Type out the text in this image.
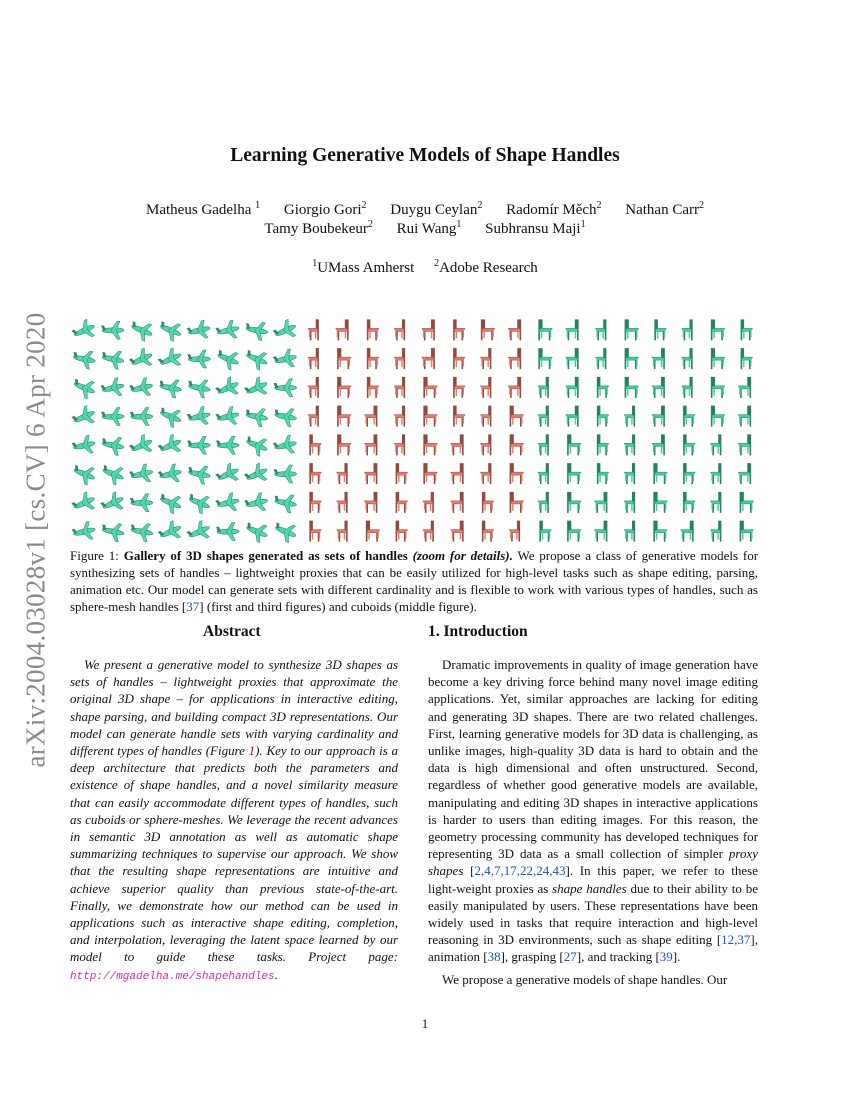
arXiv:2004.03028v1 [cs.CV] 6 Apr 2020
Learning Generative Models of Shape Handles
Matheus Gadelha $^1$ Giorgio Gori$^2$ Duygu Ceylan$^2$ Radomír Měch$^2$ Nathan Carr$^2$
Tamy Boubekeur$^2$ Rui Wang$^1$ Subhransu Maji$^1$
$^1$UMass Amherst $^2$Adobe Research
Figure 1: Gallery of 3D shapes generated as sets of handles (zoom for details). We propose a class of generative models for synthesizing sets of handles – lightweight proxies that can be easily utilized for high-level tasks such as shape editing, parsing, animation etc. Our model can generate sets with different cardinality and is flexible to work with various types of handles, such as sphere-mesh handles [37] (first and third figures) and cuboids (middle figure).
Abstract	1. Introduction
We present a generative model to synthesize 3D shapes as sets of handles – lightweight proxies that approximate the original 3D shape – for applications in interactive editing, shape parsing, and building compact 3D representations. Our model can generate handle sets with varying cardinality and different types of handles (Figure 1). Key to our approach is a deep architecture that predicts both the parameters and existence of shape handles, and a novel similarity measure that can easily accommodate different types of handles, such as cuboids or sphere-meshes. We leverage the recent advances in semantic 3D annotation as well as automatic shape summarizing techniques to supervise our approach. We show that the resulting shape representations are intuitive and achieve superior quality than previous state-of-the-art. Finally, we demonstrate how our method can be used in applications such as interactive shape editing, completion, and interpolation, leveraging the latent space learned by our model to guide these tasks. Project page: http://mgadelha.me/shapehandles.

Dramatic improvements in quality of image generation have become a key driving force behind many novel image editing applications. Yet, similar approaches are lacking for editing and generating 3D shapes. There are two related challenges. First, learning generative models for 3D data is challenging, as unlike images, high-quality 3D data is hard to obtain and the data is high dimensional and often unstructured. Second, regardless of whether good generative models are available, manipulating and editing 3D shapes in interactive applications is harder to users than editing images. For this reason, the geometry processing community has developed techniques for representing 3D data as a small collection of simpler proxy shapes [2,4,7,17,22,24,43]. In this paper, we refer to these light-weight proxies as shape handles due to their ability to be easily manipulated by users. These representations have been widely used in tasks that require interaction and high-level reasoning in 3D environments, such as shape editing [12,37], animation [38], grasping [27], and tracking [39].

We propose a generative models of shape handles. Our

1
